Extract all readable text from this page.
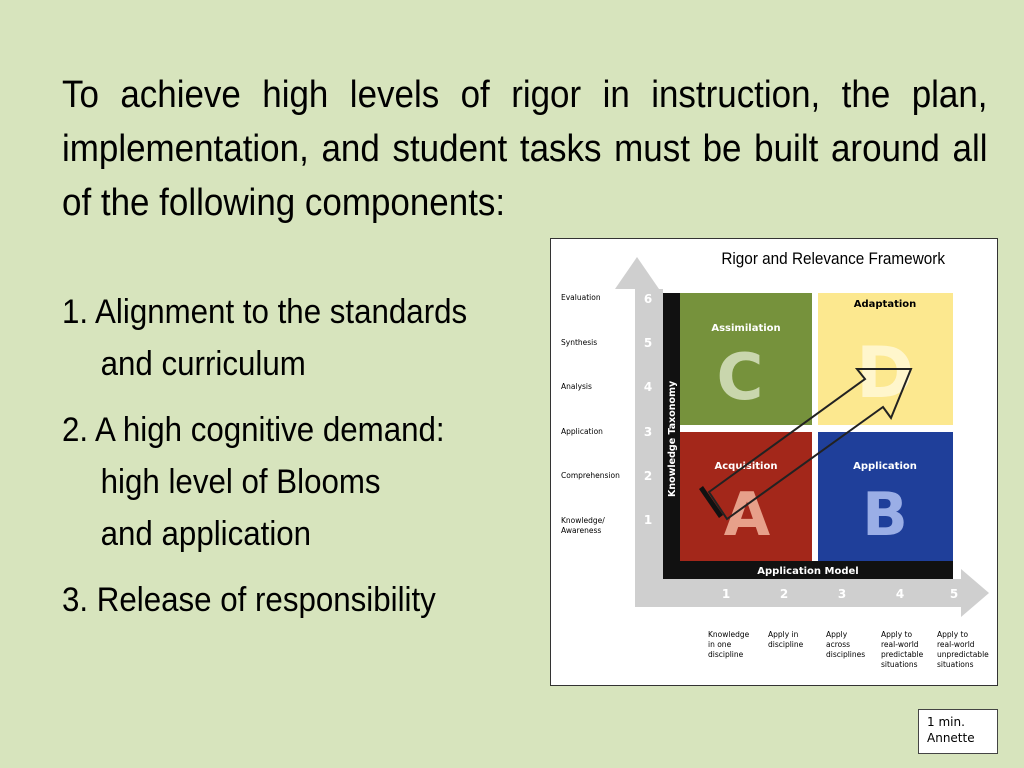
To achieve high levels of rigor in instruction, the plan, implementation, and student tasks must be built around all of the following components:
1. Alignment to the standards
and curriculum
2. A high cognitive demand:
high level of Blooms
and application
3. Release of responsibility
Knowledge Taxonomy
Application Model
Assimilation
C
Adaptation
D
Acquisition
A
Application
B
6
5
4
3
2
1
Evaluation
Synthesis
Analysis
Application
Comprehension
Knowledge/
Awareness
1	2	3	4	5
Knowledge
in one
discipline
Apply in
discipline
Apply
across
disciplines
Apply to
real-world
predictable
situations
Apply to
real-world
unpredictable
situations
Rigor and Relevance Framework
1 min.
Annette
